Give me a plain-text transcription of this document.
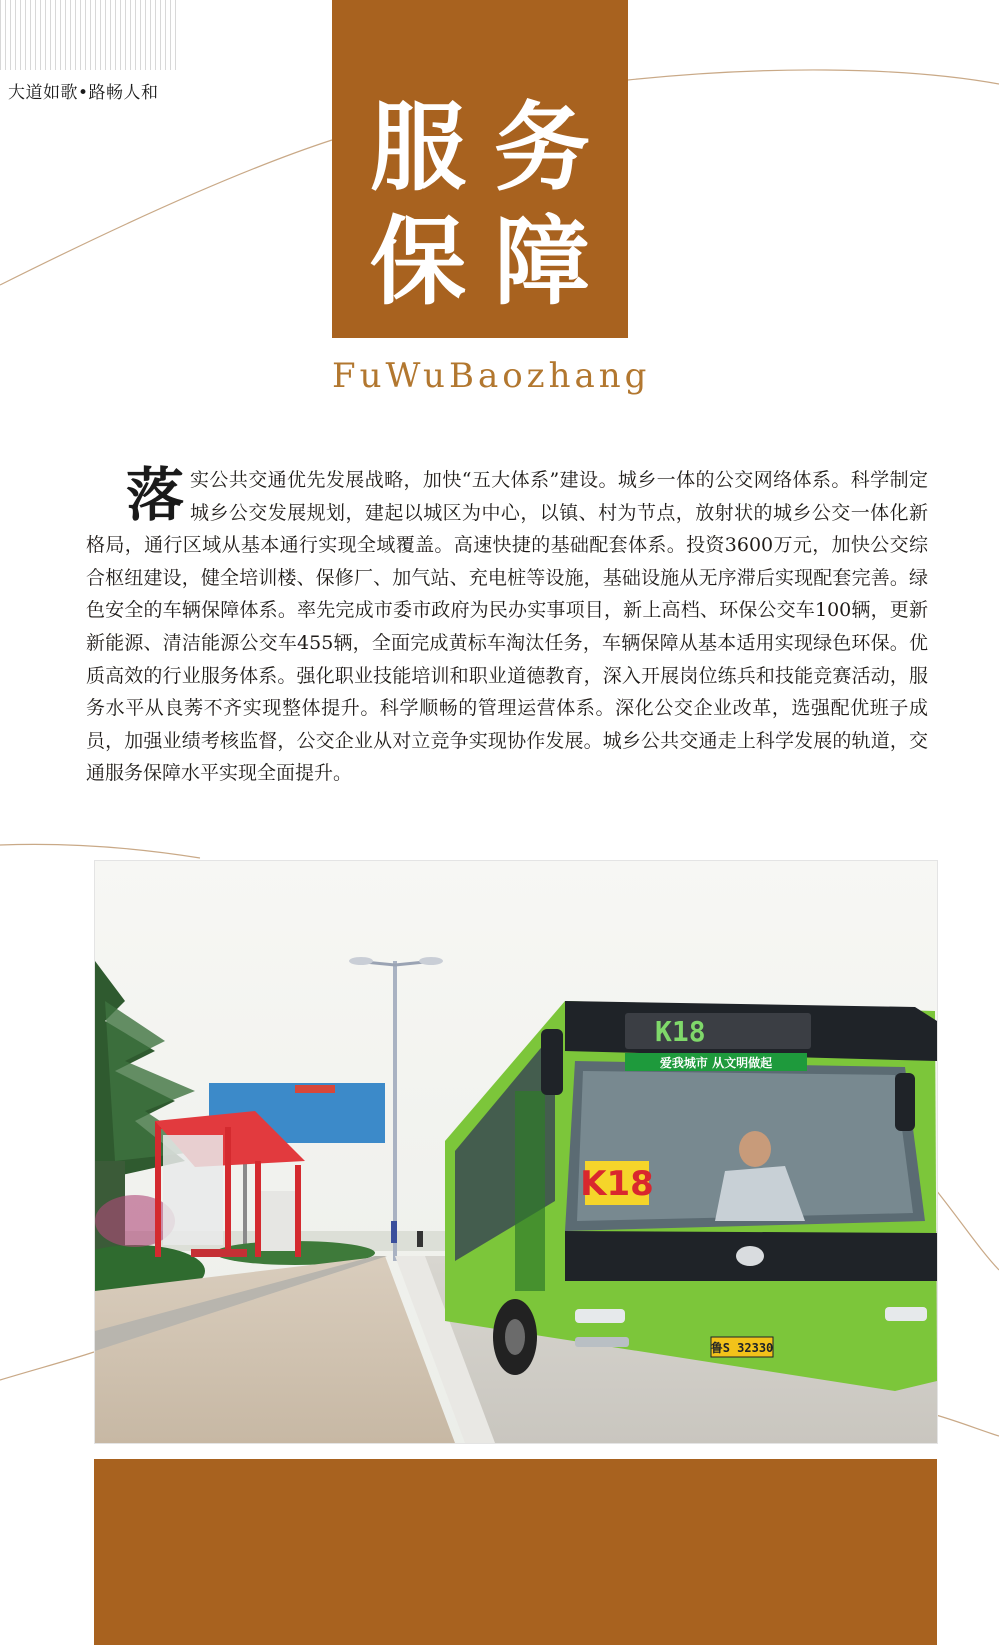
大道如歌•路畅人和	服务
保障
FuWuBaozhang
落实公共交通优先发展战略，加快“五大体系”建设。城乡一体的公交网络体系。科学制定城乡公交发展规划，建起以城区为中心，以镇、村为节点，放射状的城乡公交一体化新格局，通行区域从基本通行实现全域覆盖。高速快捷的基础配套体系。投资3600万元，加快公交综合枢纽建设，健全培训楼、保修厂、加气站、充电桩等设施，基础设施从无序滞后实现配套完善。绿色安全的车辆保障体系。率先完成市委市政府为民办实事项目，新上高档、环保公交车100辆，更新新能源、清洁能源公交车455辆，全面完成黄标车淘汰任务，车辆保障从基本适用实现绿色环保。优质高效的行业服务体系。强化职业技能培训和职业道德教育，深入开展岗位练兵和技能竞赛活动，服务水平从良莠不齐实现整体提升。科学顺畅的管理运营体系。深化公交企业改革，选强配优班子成员，加强业绩考核监督，公交企业从对立竞争实现协作发展。城乡公共交通走上科学发展的轨道，交通服务保障水平实现全面提升。
K18
爱我城市 从文明做起
K18
鲁S 32330
